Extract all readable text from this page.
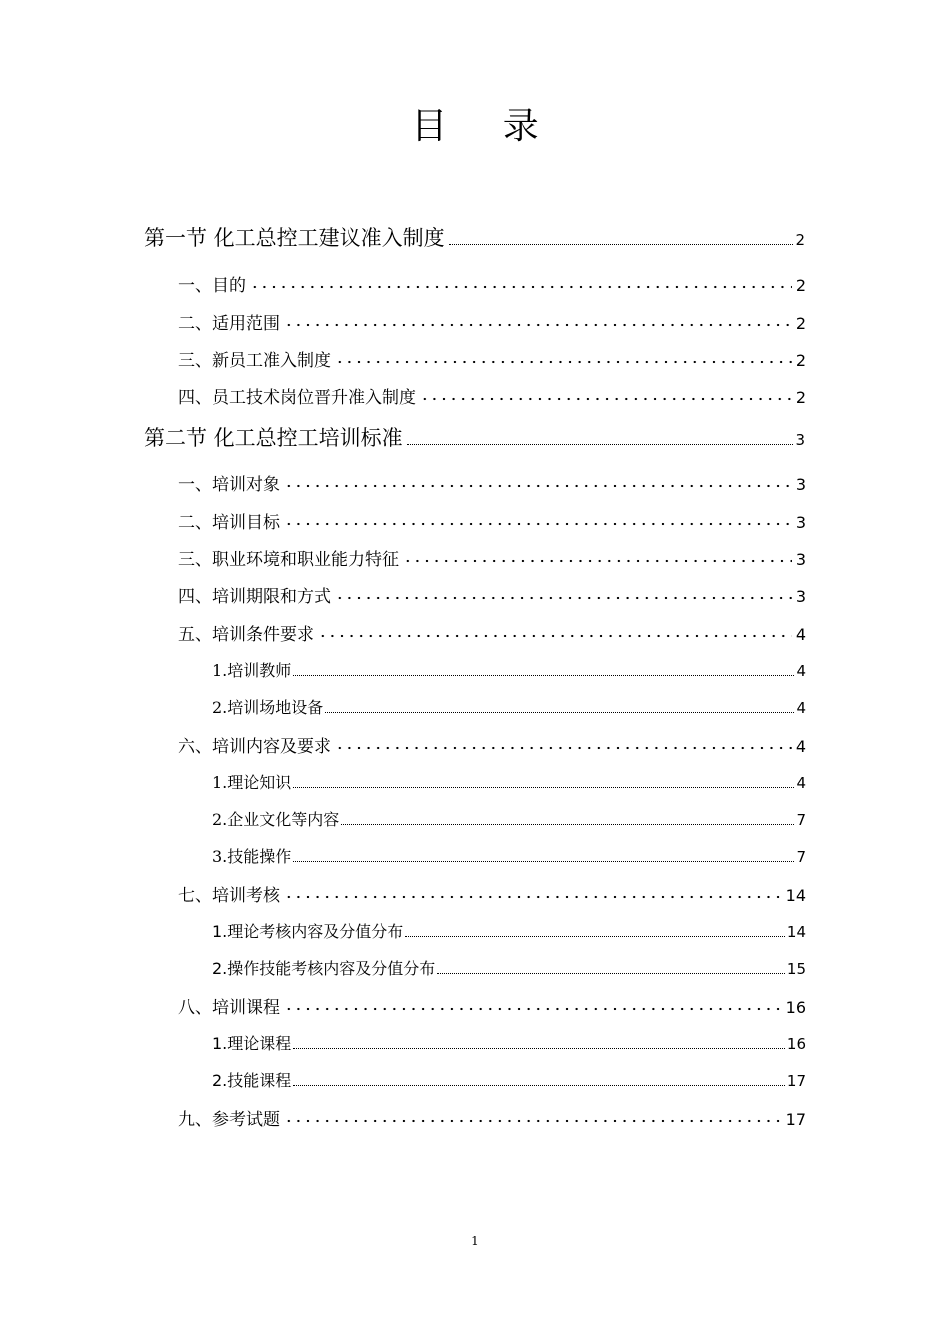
目 录
第一节 化工总控工建议准入制度	2
一、目的	2
二、适用范围	2
三、新员工准入制度	2
四、员工技术岗位晋升准入制度	2
第二节 化工总控工培训标准	3
一、培训对象	3
二、培训目标	3
三、职业环境和职业能力特征	3
四、培训期限和方式	3
五、培训条件要求	4
1.培训教师	4
2.培训场地设备	4
六、培训内容及要求	4
1.理论知识	4
2.企业文化等内容	7
3.技能操作	7
七、培训考核	14
1.理论考核内容及分值分布	14
2.操作技能考核内容及分值分布	15
八、培训课程	16
1.理论课程	16
2.技能课程	17
九、参考试题	17
1
